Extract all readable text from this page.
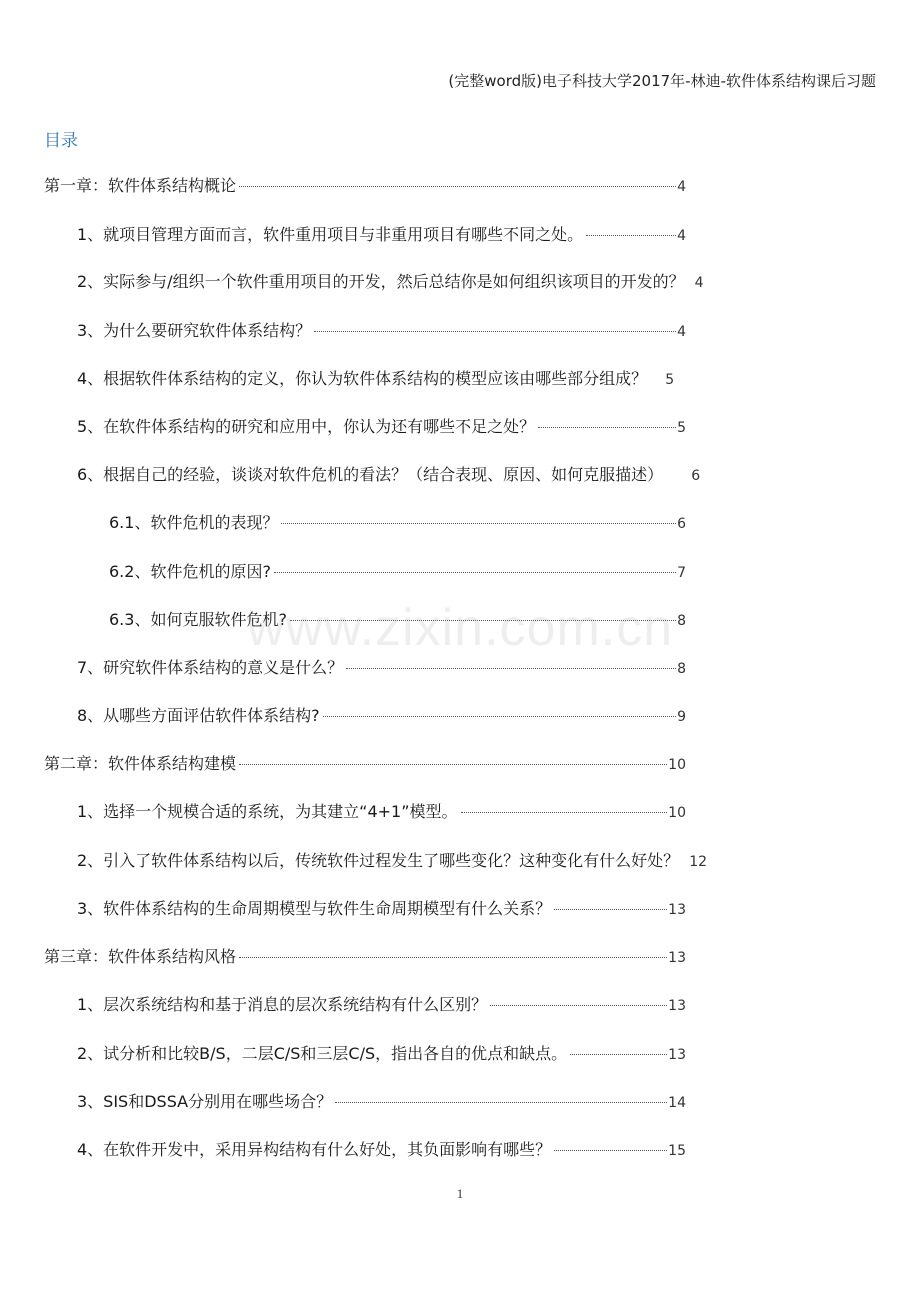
(完整word版)电子科技大学2017年-林迪-软件体系结构课后习题
目录
第一章：软件体系结构概论	4
1、就项目管理方面而言，软件重用项目与非重用项目有哪些不同之处。	4
2、实际参与/组织一个软件重用项目的开发，然后总结你是如何组织该项目的开发的？ 4
3、为什么要研究软件体系结构？	4
4、根据软件体系结构的定义，你认为软件体系结构的模型应该由哪些部分组成？ 5
5、在软件体系结构的研究和应用中，你认为还有哪些不足之处？	5
6、根据自己的经验，谈谈对软件危机的看法？（结合表现、原因、如何克服描述） 6
6.1、软件危机的表现？	6
6.2、软件危机的原因?	7
6.3、如何克服软件危机?	8
7、研究软件体系结构的意义是什么？	8
8、从哪些方面评估软件体系结构?	9
第二章：软件体系结构建模	10
1、选择一个规模合适的系统，为其建立“4+1”模型。	10
2、引入了软件体系结构以后，传统软件过程发生了哪些变化？这种变化有什么好处？ 12
3、软件体系结构的生命周期模型与软件生命周期模型有什么关系？	13
第三章：软件体系结构风格	13
1、层次系统结构和基于消息的层次系统结构有什么区别？	13
2、试分析和比较B/S，二层C/S和三层C/S，指出各自的优点和缺点。	13
3、SIS和DSSA分别用在哪些场合？	14
4、在软件开发中，采用异构结构有什么好处，其负面影响有哪些？	15
www.zixin.com.cn
1
